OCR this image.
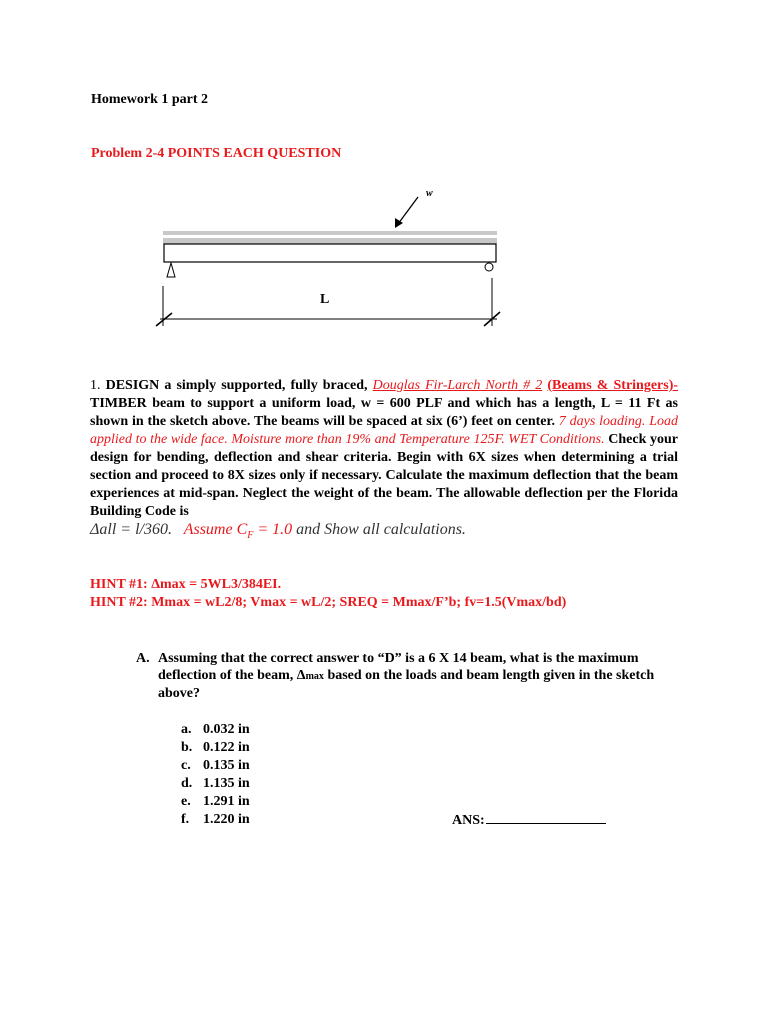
Homework 1 part 2
Problem 2-4 POINTS EACH QUESTION
w
L
1. DESIGN a simply supported, fully braced, Douglas Fir-Larch North # 2 (Beams & Stringers)- TIMBER beam to support a uniform load, w = 600 PLF and which has a length, L = 11 Ft as shown in the sketch above. The beams will be spaced at six (6’) feet on center. 7 days loading. Load applied to the wide face. Moisture more than 19% and Temperature 125F. WET Conditions. Check your design for bending, deflection and shear criteria. Begin with 6X sizes when determining a trial section and proceed to 8X sizes only if necessary. Calculate the maximum deflection that the beam experiences at mid-span. Neglect the weight of the beam. The allowable deflection per the Florida Building Code is
Δall = l/360. Assume $C_F = 1.0$ and Show all calculations.
HINT #1: Δmax = 5WL3/384EI.
HINT #2: Mmax = wL2/8; Vmax = wL/2; SREQ = Mmax/F’b; fv=1.5(Vmax/bd)
A. Assuming that the correct answer to “D” is a 6 X 14 beam, what is the maximum deflection of the beam, Δmax based on the loads and beam length given in the sketch above?
a. 0.032 in
b. 0.122 in
c. 0.135 in
d. 1.135 in
e. 1.291 in
f. 1.220 in	ANS:
